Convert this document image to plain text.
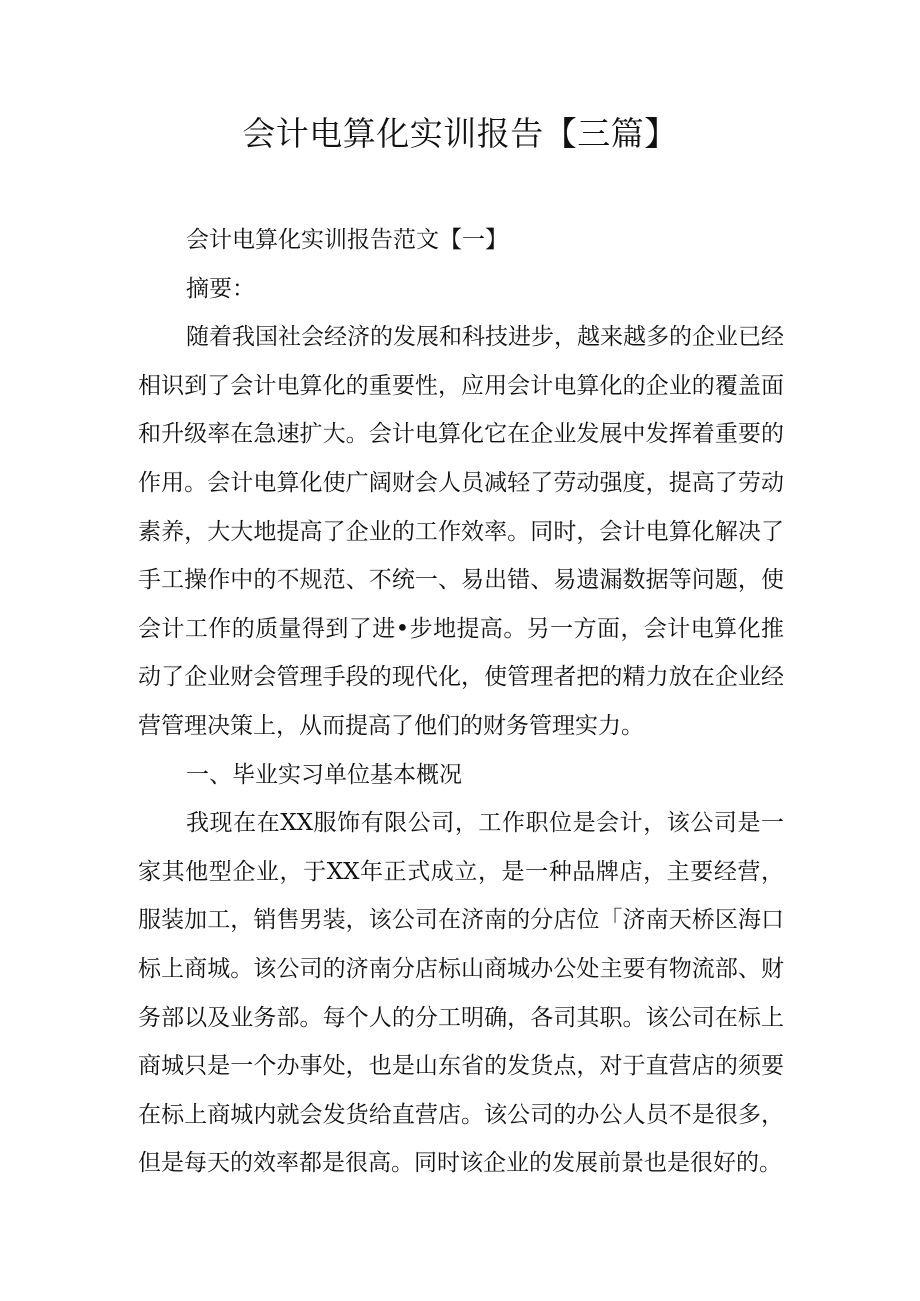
会计电算化实训报告【三篇】

会计电算化实训报告范文【一】

摘要：

随着我国社会经济的发展和科技进步，越来越多的企业已经相识到了会计电算化的重要性，应用会计电算化的企业的覆盖面和升级率在急速扩大。会计电算化它在企业发展中发挥着重要的作用。会计电算化使广阔财会人员减轻了劳动强度，提高了劳动素养，大大地提高了企业的工作效率。同时，会计电算化解决了手工操作中的不规范、不统一、易出错、易遗漏数据等问题，使会计工作的质量得到了进•步地提高。另一方面，会计电算化推动了企业财会管理手段的现代化，使管理者把的精力放在企业经营管理决策上，从而提高了他们的财务管理实力。

一、毕业实习单位基本概况

我现在在XX服饰有限公司，工作职位是会计，该公司是一家其他型企业，于XX年正式成立，是一种品牌店，主要经营，服装加工，销售男装，该公司在济南的分店位「济南天桥区海口标上商城。该公司的济南分店标山商城办公处主要有物流部、财务部以及业务部。每个人的分工明确，各司其职。该公司在标上商城只是一个办事处，也是山东省的发货点，对于直营店的须要在标上商城内就会发货给直营店。该公司的办公人员不是很多，但是每天的效率都是很高。同时该企业的发展前景也是很好的。
